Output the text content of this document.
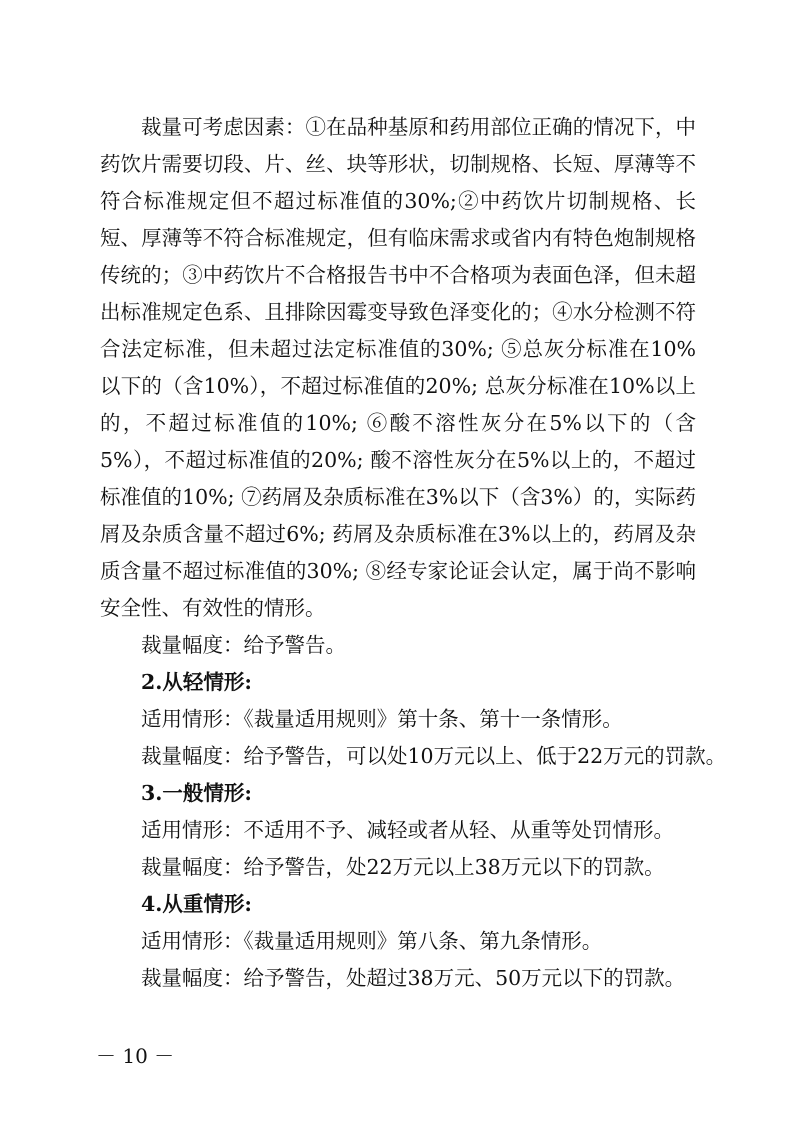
裁量可考虑因素：①在品种基原和药用部位正确的情况下，中药饮片需要切段、片、丝、块等形状，切制规格、长短、厚薄等不符合标准规定但不超过标准值的30%;②中药饮片切制规格、长短、厚薄等不符合标准规定，但有临床需求或省内有特色炮制规格传统的；③中药饮片不合格报告书中不合格项为表面色泽，但未超出标准规定色系、且排除因霉变导致色泽变化的；④水分检测不符合法定标准，但未超过法定标准值的30%; ⑤总灰分标准在10%以下的（含10%），不超过标准值的20%; 总灰分标准在10%以上的，不超过标准值的10%; ⑥酸不溶性灰分在5%以下的（含5%），不超过标准值的20%; 酸不溶性灰分在5%以上的，不超过标准值的10%; ⑦药屑及杂质标准在3%以下（含3%）的，实际药屑及杂质含量不超过6%; 药屑及杂质标准在3%以上的，药屑及杂质含量不超过标准值的30%; ⑧经专家论证会认定，属于尚不影响安全性、有效性的情形。

裁量幅度：给予警告。

2.从轻情形:

适用情形：《裁量适用规则》第十条、第十一条情形。

裁量幅度：给予警告，可以处10万元以上、低于22万元的罚款。

3.一般情形:

适用情形：不适用不予、减轻或者从轻、从重等处罚情形。

裁量幅度：给予警告，处22万元以上38万元以下的罚款。

4.从重情形:

适用情形：《裁量适用规则》第八条、第九条情形。

裁量幅度：给予警告，处超过38万元、50万元以下的罚款。

－ 10 －
